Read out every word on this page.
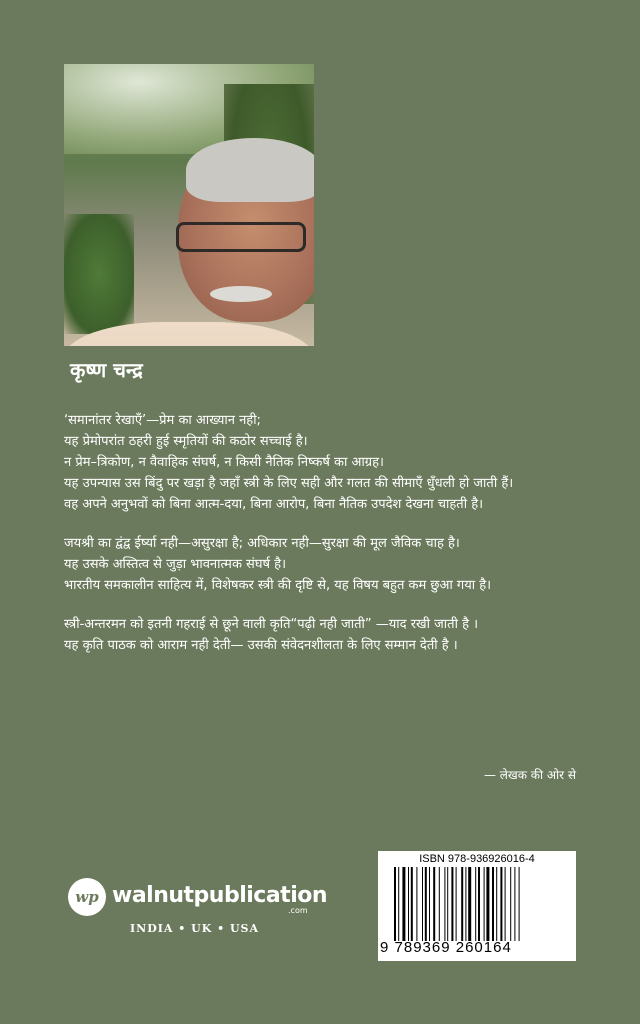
कृष्ण चन्द्र

‘समानांतर रेखाएँ’—प्रेम का आख्यान नही;

यह प्रेमोपरांत ठहरी हुई स्मृतियों की कठोर सच्चाई है।

न प्रेम–त्रिकोण, न वैवाहिक संघर्ष, न किसी नैतिक निष्कर्ष का आग्रह।

यह उपन्यास उस बिंदु पर खड़ा है जहाँ स्त्री के लिए सही और गलत की सीमाएँ धुँधली हो जाती हैं।

वह अपने अनुभवों को बिना आत्म-दया, बिना आरोप, बिना नैतिक उपदेश देखना चाहती है।

जयश्री का द्वंद्व ईर्ष्या नही—असुरक्षा है; अधिकार नही—सुरक्षा की मूल जैविक चाह है।

यह उसके अस्तित्व से जुड़ा भावनात्मक संघर्ष है।

भारतीय समकालीन साहित्य में, विशेषकर स्त्री की दृष्टि से, यह विषय बहुत कम छुआ गया है।

स्त्री-अन्तरमन को इतनी गहराई से छूने वाली कृति“पढ़ी नही जाती” —याद रखी जाती है ।

यह कृति पाठक को आराम नही देती— उसकी संवेदनशीलता के लिए सम्मान देती है ।

— लेखक की ओर से
wp walnutpublication
.com
INDIA • UK • USA
ISBN 978-936926016-4
9 789369 260164
